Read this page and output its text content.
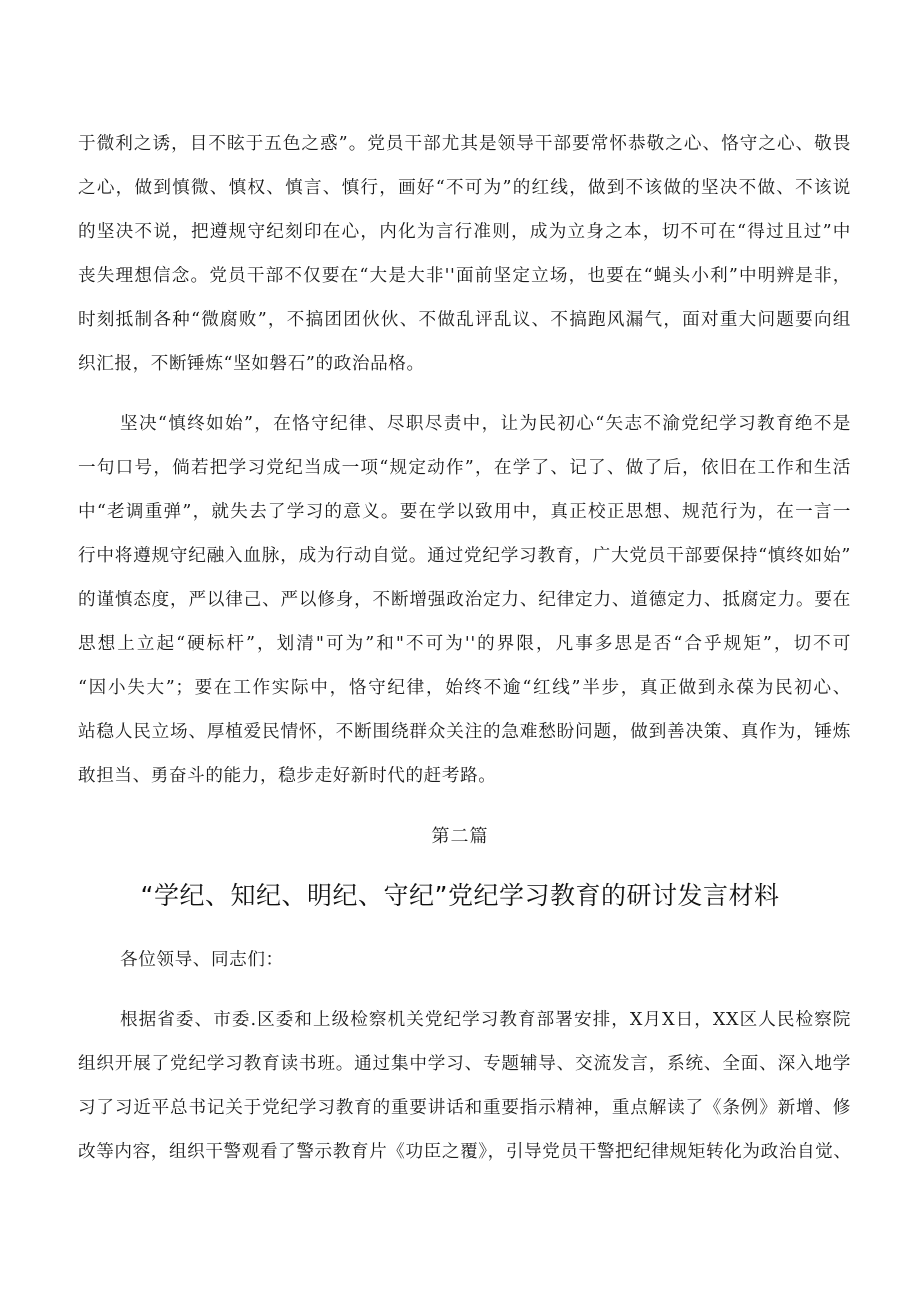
于微利之诱，目不眩于五色之惑”。党员干部尤其是领导干部要常怀恭敬之心、恪守之心、敬畏
之心，做到慎微、慎权、慎言、慎行，画好“不可为”的红线，做到不该做的坚决不做、不该说
的坚决不说，把遵规守纪刻印在心，内化为言行准则，成为立身之本，切不可在“得过且过”中
丧失理想信念。党员干部不仅要在“大是大非''面前坚定立场，也要在“蝇头小利”中明辨是非，
时刻抵制各种“微腐败”，不搞团团伙伙、不做乱评乱议、不搞跑风漏气，面对重大问题要向组
织汇报，不断锤炼“坚如磐石”的政治品格。
坚决“慎终如始”，在恪守纪律、尽职尽责中，让为民初心“矢志不渝党纪学习教育绝不是
一句口号，倘若把学习党纪当成一项“规定动作”，在学了、记了、做了后，依旧在工作和生活
中“老调重弹”，就失去了学习的意义。要在学以致用中，真正校正思想、规范行为，在一言一
行中将遵规守纪融入血脉，成为行动自觉。通过党纪学习教育，广大党员干部要保持“慎终如始”
的谨慎态度，严以律己、严以修身，不断增强政治定力、纪律定力、道德定力、抵腐定力。要在
思想上立起“硬标杆”，划清"可为”和"不可为''的界限，凡事多思是否“合乎规矩”，切不可
“因小失大”；要在工作实际中，恪守纪律，始终不逾“红线”半步，真正做到永葆为民初心、
站稳人民立场、厚植爱民情怀，不断围绕群众关注的急难愁盼问题，做到善决策、真作为，锤炼
敢担当、勇奋斗的能力，稳步走好新时代的赶考路。
第二篇
“学纪、知纪、明纪、守纪”党纪学习教育的研讨发言材料
各位领导、同志们：
根据省委、市委.区委和上级检察机关党纪学习教育部署安排，X月X日，XX区人民检察院
组织开展了党纪学习教育读书班。通过集中学习、专题辅导、交流发言，系统、全面、深入地学
习了习近平总书记关于党纪学习教育的重要讲话和重要指示精神，重点解读了《条例》新增、修
改等内容，组织干警观看了警示教育片《功臣之覆》，引导党员干警把纪律规矩转化为政治自觉、
